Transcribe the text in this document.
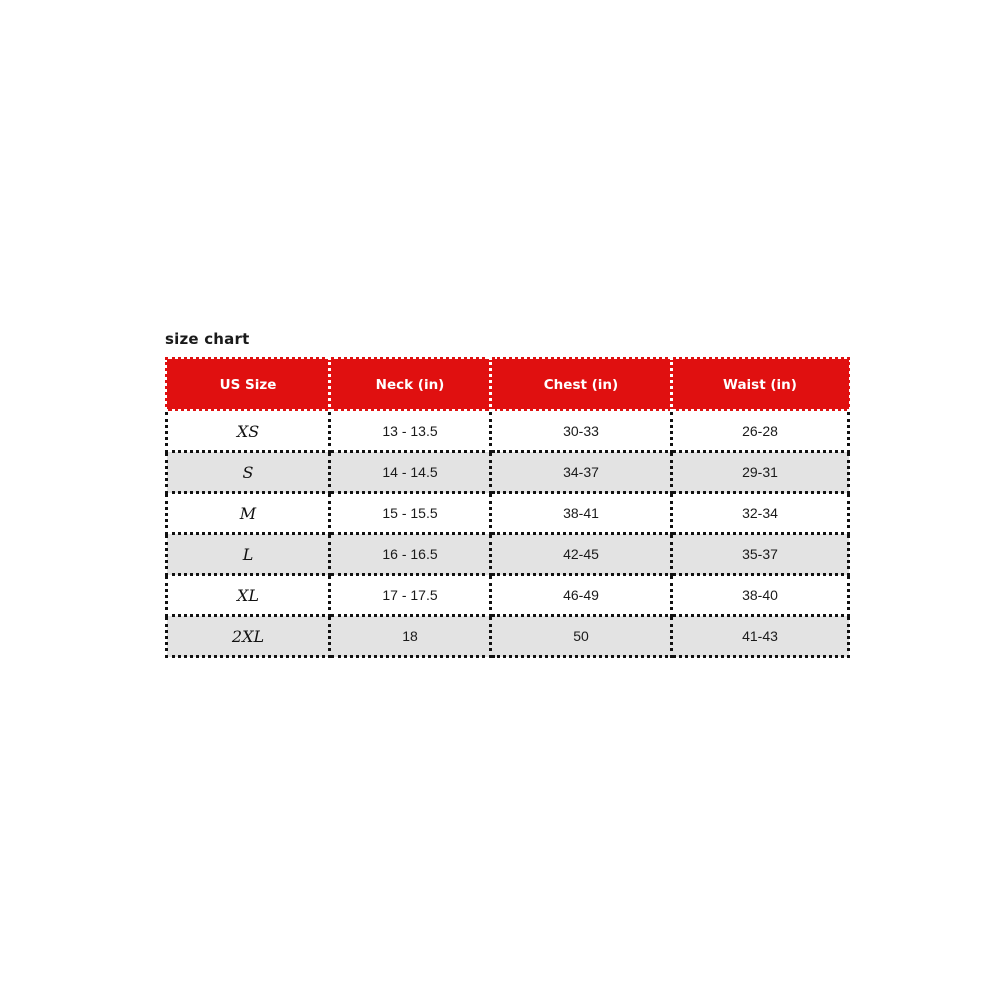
size chart
US Size	Neck (in)	Chest (in)	Waist (in)
XS	13 - 13.5	30-33	26-28
S	14 - 14.5	34-37	29-31
M	15 - 15.5	38-41	32-34
L	16 - 16.5	42-45	35-37
XL	17 - 17.5	46-49	38-40
2XL	18	50	41-43
